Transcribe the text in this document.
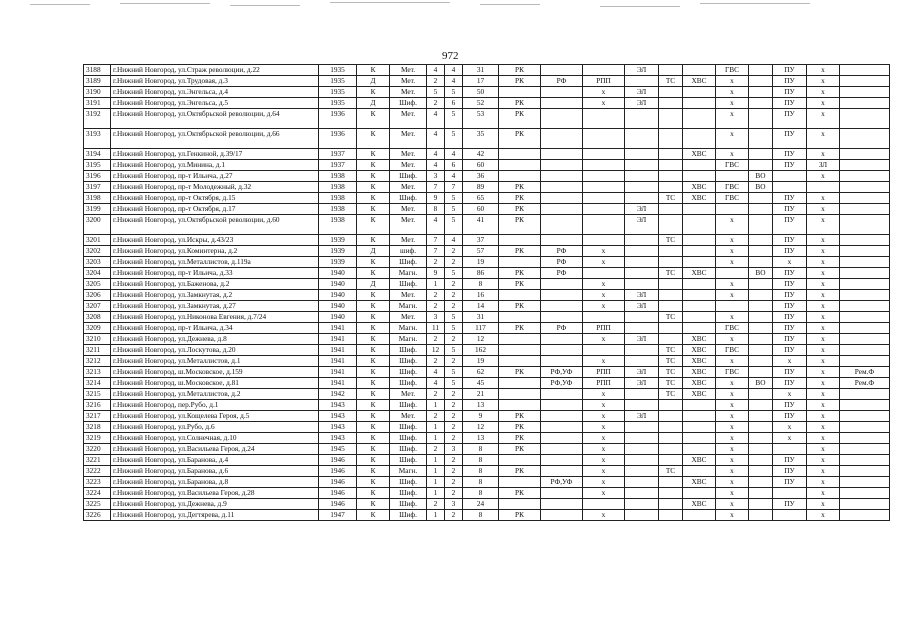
972
3188	г.Нижний Новгород, ул.Страж революции, д.22	1935	К	Мет.	4	4	31	РК			ЭЛ			ГВС		ПУ	х	
3189	г.Нижний Новгород, ул.Трудовая, д.3	1935	Д	Мет.	2	4	17	РК	РФ	РПП		ТС	ХВС	х		ПУ	х	
3190	г.Нижний Новгород, ул.Энгельса, д.4	1935	К	Мет.	5	5	50			х	ЭЛ			х		ПУ	х	
3191	г.Нижний Новгород, ул.Энгельса, д.5	1935	Д	Шиф.	2	6	52	РК		х	ЭЛ			х		ПУ	х	
3192	г.Нижний Новгород, ул.Октябрьской революции, д.64	1936	К	Мет.	4	5	53	РК						х		ПУ	х	
3193	г.Нижний Новгород, ул.Октябрьской революции, д.66	1936	К	Мет.	4	5	35	РК						х		ПУ	х	
3194	г.Нижний Новгород, ул.Генкиной, д.39/17	1937	К	Мет.	4	4	42						ХВС	х		ПУ	х	
3195	г.Нижний Новгород, ул.Минина, д.1	1937	К	Мет.	4	6	60							ГВС		ПУ	ЗЛ	
3196	г.Нижний Новгород, пр-т Ильича, д.27	1938	К	Шиф.	3	4	36								ВО		х	
3197	г.Нижний Новгород, пр-т Молодежный, д.32	1938	К	Мет.	7	7	89	РК					ХВС	ГВС	ВО			
3198	г.Нижний Новгород, пр-т Октября, д.15	1938	К	Шиф.	9	5	65	РК				ТС	ХВС	ГВС		ПУ	х	
3199	г.Нижний Новгород, пр-т Октября, д.17	1938	К	Мет.	8	5	60	РК			ЭЛ					ПУ	х	
3200	г.Нижний Новгород, ул.Октябрьской революции, д.60	1938	К	Мет.	4	5	41	РК			ЭЛ			х		ПУ	х	
3201	г.Нижний Новгород, ул.Искры, д.43/23	1939	К	Мет.	7	4	37					ТС		х		ПУ	х	
3202	г.Нижний Новгород, ул.Коминтерна, д.2	1939	Д	шиф.	7	2	57	РК	РФ	х				х		ПУ	х	
3203	г.Нижний Новгород, ул.Металлистов, д.119а	1939	К	Шиф.	2	2	19		РФ	х				х		х	х	
3204	г.Нижний Новгород, пр-т Ильича, д.33	1940	К	Магн.	9	5	86	РК	РФ			ТС	ХВС		ВО	ПУ	х	
3205	г.Нижний Новгород, ул.Баженова, д.2	1940	Д	Шиф.	1	2	8	РК		х				х		ПУ	х	
3206	г.Нижний Новгород, ул.Замкнутая, д.2	1940	К	Мет.	2	2	16			х	ЭЛ			х		ПУ	х	
3207	г.Нижний Новгород, ул.Замкнутая, д.27	1940	К	Магн.	2	2	14	РК		х	ЭЛ					ПУ	х	
3208	г.Нижний Новгород, ул.Никонова Евгения, д.7/24	1940	К	Мет.	3	5	31					ТС		х		ПУ	х	
3209	г.Нижний Новгород, пр-т Ильича, д.34	1941	К	Магн.	11	5	117	РК	РФ	РПП				ГВС		ПУ	х	
3210	г.Нижний Новгород, ул.Дежнева, д.8	1941	К	Магн.	2	2	12			х	ЭЛ		ХВС	х		ПУ	х	
3211	г.Нижний Новгород, ул.Лоскутова, д.20	1941	К	Шиф.	12	5	162					ТС	ХВС	ГВС		ПУ	х	
3212	г.Нижний Новгород, ул.Металлистов, д.1	1941	К	Шиф.	2	2	19			х		ТС	ХВС	х		х	х	
3213	г.Нижний Новгород, ш.Московское, д.159	1941	К	Шиф.	4	5	62	РК	РФ,УФ	РПП	ЭЛ	ТС	ХВС	ГВС		ПУ	х	Рем.Ф
3214	г.Нижний Новгород, ш.Московское, д.81	1941	К	Шиф.	4	5	45		РФ,УФ	РПП	ЭЛ	ТС	ХВС	х	ВО	ПУ	х	Рем.Ф
3215	г.Нижний Новгород, ул.Металлистов, д.2	1942	К	Мет.	2	2	21			х		ТС	ХВС	х		х	х	
3216	г.Нижний Новгород, пер.Рубо, д.1	1943	К	Шиф.	1	2	13			х				х		ПУ	х	
3217	г.Нижний Новгород, ул.Кощелева Героя, д.5	1943	К	Мет.	2	2	9	РК		х	ЭЛ			х		ПУ	х	
3218	г.Нижний Новгород, ул.Рубо, д.6	1943	К	Шиф.	1	2	12	РК		х				х		х	х	
3219	г.Нижний Новгород, ул.Солнечная, д.10	1943	К	Шиф.	1	2	13	РК		х				х		х	х	
3220	г.Нижний Новгород, ул.Васильева Героя, д.24	1945	К	Шиф.	2	3	8	РК		х				х			х	
3221	г.Нижний Новгород, ул.Баранова, д.4	1946	К	Шиф.	1	2	8			х			ХВС	х		ПУ	х	
3222	г.Нижний Новгород, ул.Баранова, д.6	1946	К	Магн.	1	2	8	РК		х		ТС		х		ПУ	х	
3223	г.Нижний Новгород, ул.Баранова, д.8	1946	К	Шиф.	1	2	8		РФ,УФ	х			ХВС	х		ПУ	х	
3224	г.Нижний Новгород, ул.Васильева Героя, д.28	1946	К	Шиф.	1	2	8	РК		х				х			х	
3225	г.Нижний Новгород, ул.Дежнева, д.9	1946	К	Шиф.	2	3	24						ХВС	х		ПУ	х	
3226	г.Нижний Новгород, ул.Дегтярева, д.11	1947	К	Шиф.	1	2	8	РК		х				х			х	
